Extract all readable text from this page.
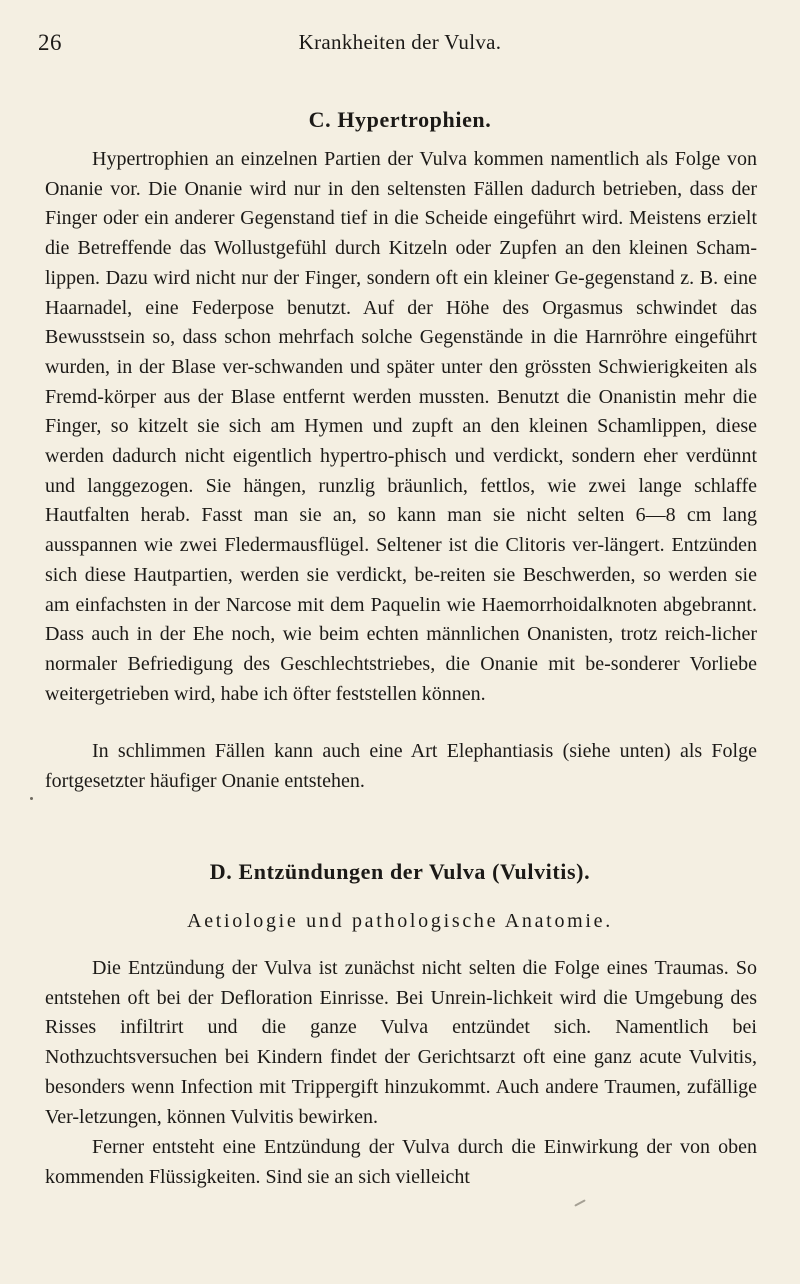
26	Krankheiten der Vulva.
C. Hypertrophien.

Hypertrophien an einzelnen Partien der Vulva kommen namentlich als Folge von Onanie vor. Die Onanie wird nur in den seltensten Fällen dadurch betrieben, dass der Finger oder ein anderer Gegenstand tief in die Scheide eingeführt wird. Meistens erzielt die Betreffende das Wollustgefühl durch Kitzeln oder Zupfen an den kleinen Scham-lippen. Dazu wird nicht nur der Finger, sondern oft ein kleiner Ge-gegenstand z. B. eine Haarnadel, eine Federpose benutzt. Auf der Höhe des Orgasmus schwindet das Bewusstsein so, dass schon mehrfach solche Gegenstände in die Harnröhre eingeführt wurden, in der Blase ver-schwanden und später unter den grössten Schwierigkeiten als Fremd-körper aus der Blase entfernt werden mussten. Benutzt die Onanistin mehr die Finger, so kitzelt sie sich am Hymen und zupft an den kleinen Schamlippen, diese werden dadurch nicht eigentlich hypertro-phisch und verdickt, sondern eher verdünnt und langgezogen. Sie hängen, runzlig bräunlich, fettlos, wie zwei lange schlaffe Hautfalten herab. Fasst man sie an, so kann man sie nicht selten 6—8 cm lang ausspannen wie zwei Fledermausflügel. Seltener ist die Clitoris ver-längert. Entzünden sich diese Hautpartien, werden sie verdickt, be-reiten sie Beschwerden, so werden sie am einfachsten in der Narcose mit dem Paquelin wie Haemorrhoidalknoten abgebrannt. Dass auch in der Ehe noch, wie beim echten männlichen Onanisten, trotz reich-licher normaler Befriedigung des Geschlechtstriebes, die Onanie mit be-sonderer Vorliebe weitergetrieben wird, habe ich öfter feststellen können.

In schlimmen Fällen kann auch eine Art Elephantiasis (siehe unten) als Folge fortgesetzter häufiger Onanie entstehen.

D. Entzündungen der Vulva (Vulvitis).
Aetiologie und pathologische Anatomie.

Die Entzündung der Vulva ist zunächst nicht selten die Folge eines Traumas. So entstehen oft bei der Defloration Einrisse. Bei Unrein-lichkeit wird die Umgebung des Risses infiltrirt und die ganze Vulva entzündet sich. Namentlich bei Nothzuchtsversuchen bei Kindern findet der Gerichtsarzt oft eine ganz acute Vulvitis, besonders wenn Infection mit Trippergift hinzukommt. Auch andere Traumen, zufällige Ver-letzungen, können Vulvitis bewirken.

Ferner entsteht eine Entzündung der Vulva durch die Einwirkung der von oben kommenden Flüssigkeiten. Sind sie an sich vielleicht
